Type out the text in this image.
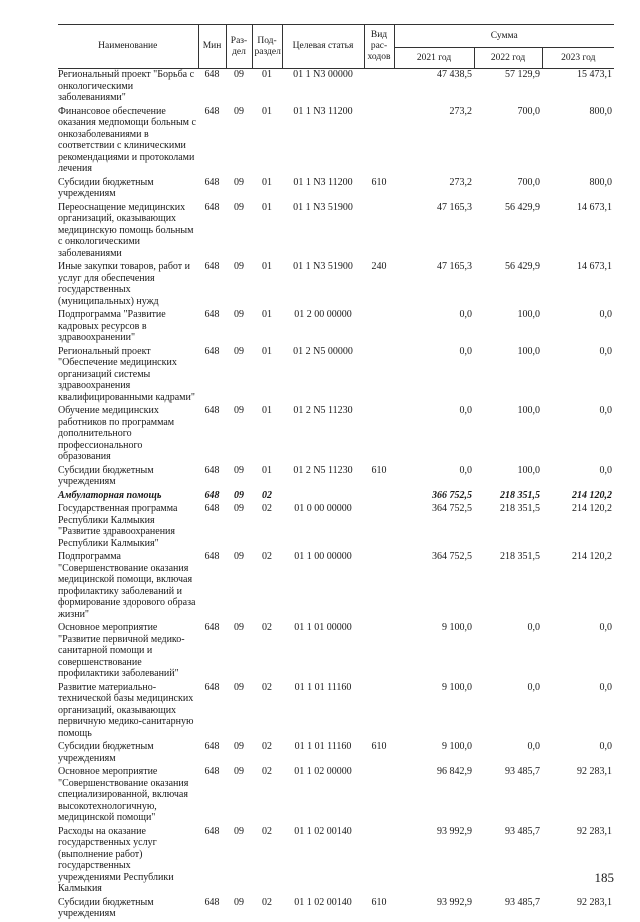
Наименование	Мин	Раз-дел	Под-раздел	Целевая статья	Вид рас-ходов	Сумма		
						2021 год	2022 год	2023 год
Региональный проект "Борьба с онкологическими заболеваниями"	648	09	01	01 1 N3 00000		47 438,5	57 129,9	15 473,1
Финансовое обеспечение оказания медпомощи больным с онкозаболеваниями в соответствии с клиническими рекомендациями и протоколами лечения	648	09	01	01 1 N3 11200		273,2	700,0	800,0
Субсидии бюджетным учреждениям	648	09	01	01 1 N3 11200	610	273,2	700,0	800,0
Переоснащение медицинских организаций, оказывающих медицинскую помощь больным с онкологическими заболеваниями	648	09	01	01 1 N3 51900		47 165,3	56 429,9	14 673,1
Иные закупки товаров, работ и услуг для обеспечения государственных (муниципальных) нужд	648	09	01	01 1 N3 51900	240	47 165,3	56 429,9	14 673,1
Подпрограмма "Развитие кадровых ресурсов в здравоохранении"	648	09	01	01 2 00 00000		0,0	100,0	0,0
Региональный проект "Обеспечение медицинских организаций системы здравоохранения квалифицированными кадрами"	648	09	01	01 2 N5 00000		0,0	100,0	0,0
Обучение медицинских работников по программам дополнительного профессионального образования	648	09	01	01 2 N5 11230		0,0	100,0	0,0
Субсидии бюджетным учреждениям	648	09	01	01 2 N5 11230	610	0,0	100,0	0,0
Амбулаторная помощь	648	09	02			366 752,5	218 351,5	214 120,2
Государственная программа Республики Калмыкия "Развитие здравоохранения Республики Калмыкия"	648	09	02	01 0 00 00000		364 752,5	218 351,5	214 120,2
Подпрограмма "Совершенствование оказания медицинской помощи, включая профилактику заболеваний и формирование здорового образа жизни"	648	09	02	01 1 00 00000		364 752,5	218 351,5	214 120,2
Основное мероприятие "Развитие первичной медико-санитарной помощи и совершенствование профилактики заболеваний"	648	09	02	01 1 01 00000		9 100,0	0,0	0,0
Развитие материально-технической базы медицинских организаций, оказывающих первичную медико-санитарную помощь	648	09	02	01 1 01 11160		9 100,0	0,0	0,0
Субсидии бюджетным учреждениям	648	09	02	01 1 01 11160	610	9 100,0	0,0	0,0
Основное мероприятие "Совершенствование оказания специализированной, включая высокотехнологичную, медицинской помощи"	648	09	02	01 1 02 00000		96 842,9	93 485,7	92 283,1
Расходы на оказание государственных услуг (выполнение работ) государственных учреждениями Республики Калмыкия	648	09	02	01 1 02 00140		93 992,9	93 485,7	92 283,1
Субсидии бюджетным учреждениям	648	09	02	01 1 02 00140	610	93 992,9	93 485,7	92 283,1
185
